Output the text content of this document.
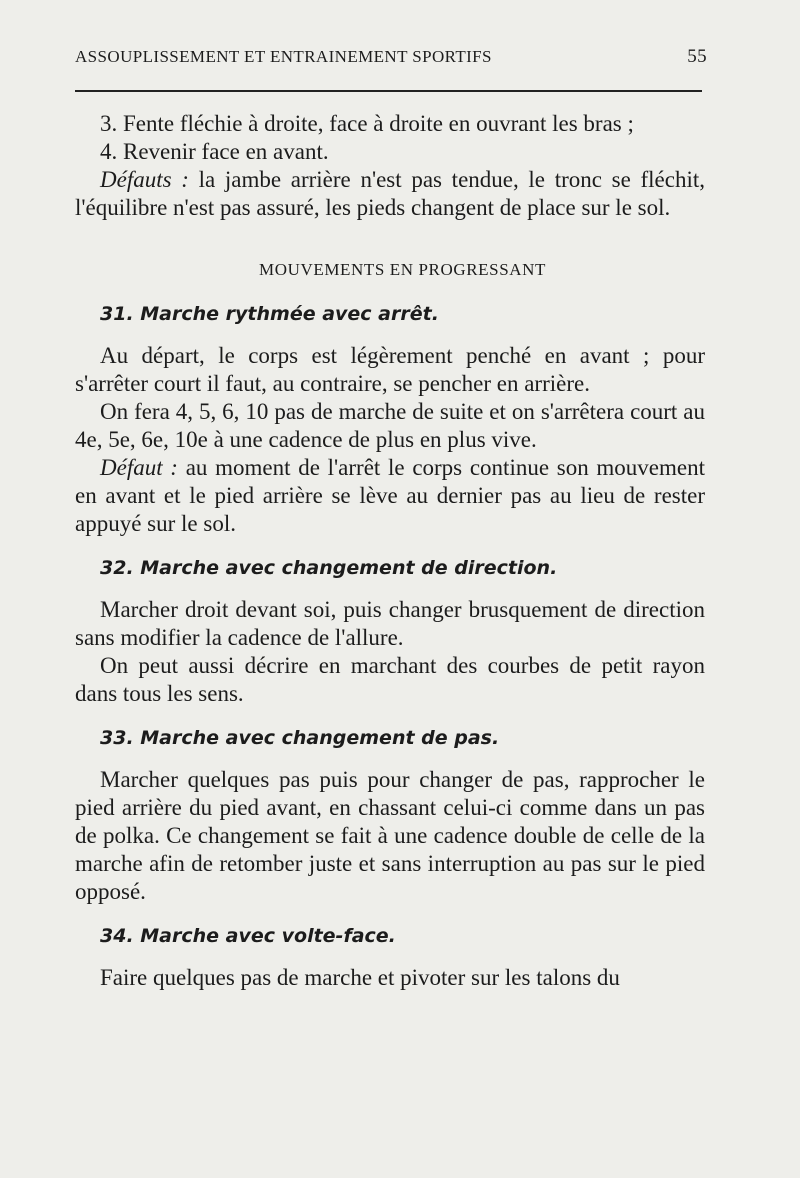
ASSOUPLISSEMENT ET ENTRAINEMENT SPORTIFS	55

3. Fente fléchie à droite, face à droite en ouvrant les bras ;

4. Revenir face en avant.

Défauts : la jambe arrière n'est pas tendue, le tronc se fléchit, l'équilibre n'est pas assuré, les pieds changent de place sur le sol.

MOUVEMENTS EN PROGRESSANT

31. Marche rythmée avec arrêt.

Au départ, le corps est légèrement penché en avant ; pour s'arrêter court il faut, au contraire, se pencher en arrière.

On fera 4, 5, 6, 10 pas de marche de suite et on s'arrêtera court au 4e, 5e, 6e, 10e à une cadence de plus en plus vive.

Défaut : au moment de l'arrêt le corps continue son mouvement en avant et le pied arrière se lève au dernier pas au lieu de rester appuyé sur le sol.

32. Marche avec changement de direction.

Marcher droit devant soi, puis changer brusquement de direction sans modifier la cadence de l'allure.

On peut aussi décrire en marchant des courbes de petit rayon dans tous les sens.

33. Marche avec changement de pas.

Marcher quelques pas puis pour changer de pas, rapprocher le pied arrière du pied avant, en chassant celui-ci comme dans un pas de polka. Ce changement se fait à une cadence double de celle de la marche afin de retomber juste et sans interruption au pas sur le pied opposé.

34. Marche avec volte-face.

Faire quelques pas de marche et pivoter sur les talons du
